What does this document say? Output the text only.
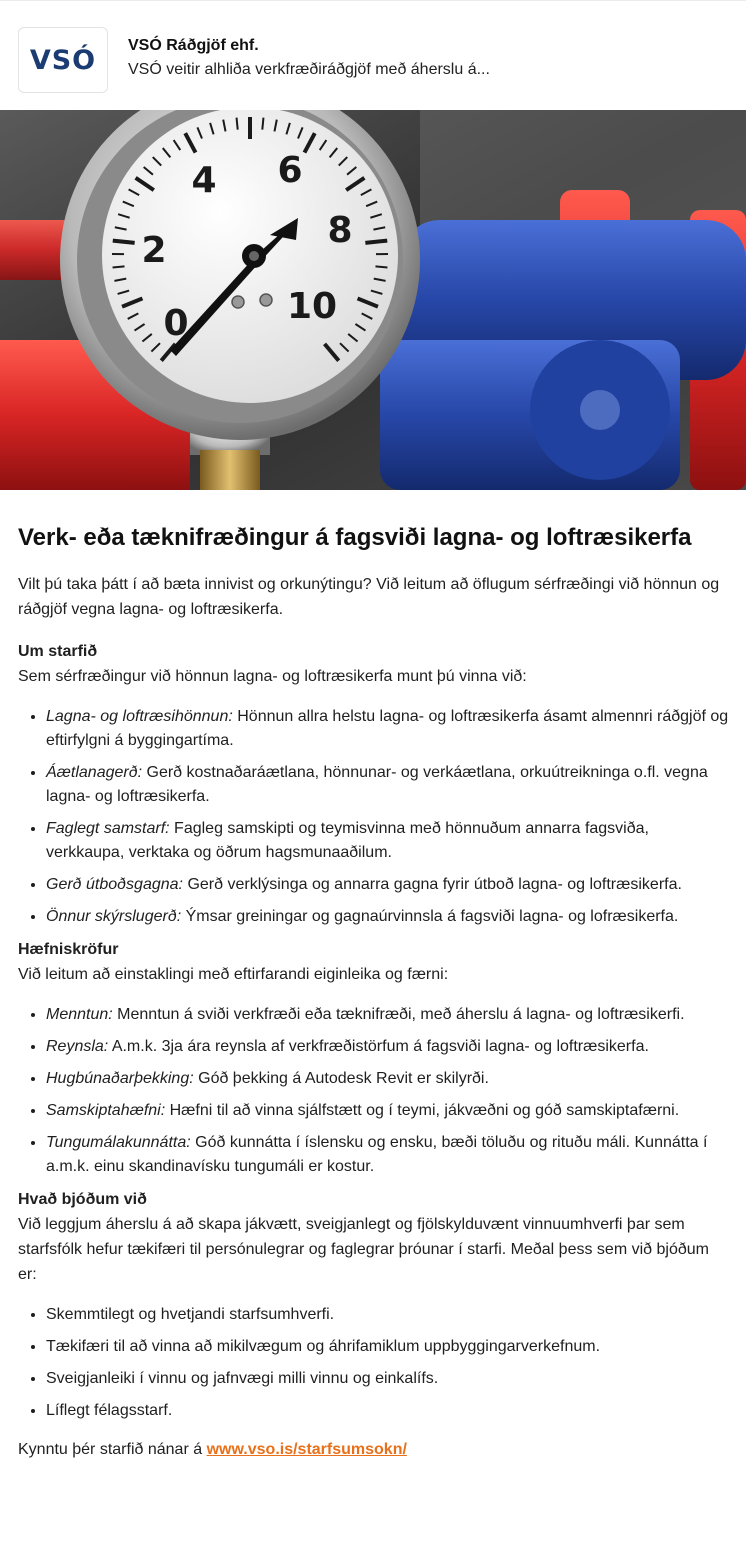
VSÓ VSÓ Ráðgjöf ehf.
VSÓ veitir alhliða verkfræðiráðgjöf með áherslu á...
0
2
4 6
8
10
Verk- eða tæknifræðingur á fagsviði lagna- og loftræsikerfa

Vilt þú taka þátt í að bæta innivist og orkunýtingu? Við leitum að öflugum sérfræðingi við hönnun og ráðgjöf vegna lagna- og loftræsikerfa.

Um starfið

Sem sérfræðingur við hönnun lagna- og loftræsikerfa munt þú vinna við:

• Lagna- og loftræsihönnun: Hönnun allra helstu lagna- og loftræsikerfa ásamt almennri ráðgjöf og eftirfylgni á byggingartíma.
• Áætlanagerð: Gerð kostnaðaráætlana, hönnunar- og verkáætlana, orkuútreikninga o.fl. vegna lagna- og loftræsikerfa.
• Faglegt samstarf: Fagleg samskipti og teymisvinna með hönnuðum annarra fagsviða, verkkaupa, verktaka og öðrum hagsmunaaðilum.
• Gerð útboðsgagna: Gerð verklýsinga og annarra gagna fyrir útboð lagna- og loftræsikerfa.
• Önnur skýrslugerð: Ýmsar greiningar og gagnaúrvinnsla á fagsviði lagna- og lofræsikerfa.
Hæfniskröfur

Við leitum að einstaklingi með eftirfarandi eiginleika og færni:

• Menntun: Menntun á sviði verkfræði eða tæknifræði, með áherslu á lagna- og loftræsikerfi.
• Reynsla: A.m.k. 3ja ára reynsla af verkfræðistörfum á fagsviði lagna- og loftræsikerfa.
• Hugbúnaðarþekking: Góð þekking á Autodesk Revit er skilyrði.
• Samskiptahæfni: Hæfni til að vinna sjálfstætt og í teymi, jákvæðni og góð samskiptafærni.
• Tungumálakunnátta: Góð kunnátta í íslensku og ensku, bæði töluðu og rituðu máli. Kunnátta í a.m.k. einu skandinavísku tungumáli er kostur.
Hvað bjóðum við

Við leggjum áherslu á að skapa jákvætt, sveigjanlegt og fjölskylduvænt vinnuumhverfi þar sem starfsfólk hefur tækifæri til persónulegrar og faglegrar þróunar í starfi. Meðal þess sem við bjóðum er:

• Skemmtilegt og hvetjandi starfsumhverfi.
• Tækifæri til að vinna að mikilvægum og áhrifamiklum uppbyggingarverkefnum.
• Sveigjanleiki í vinnu og jafnvægi milli vinnu og einkalífs.
• Líflegt félagsstarf.

Kynntu þér starfið nánar á www.vso.is/starfsumsokn/
